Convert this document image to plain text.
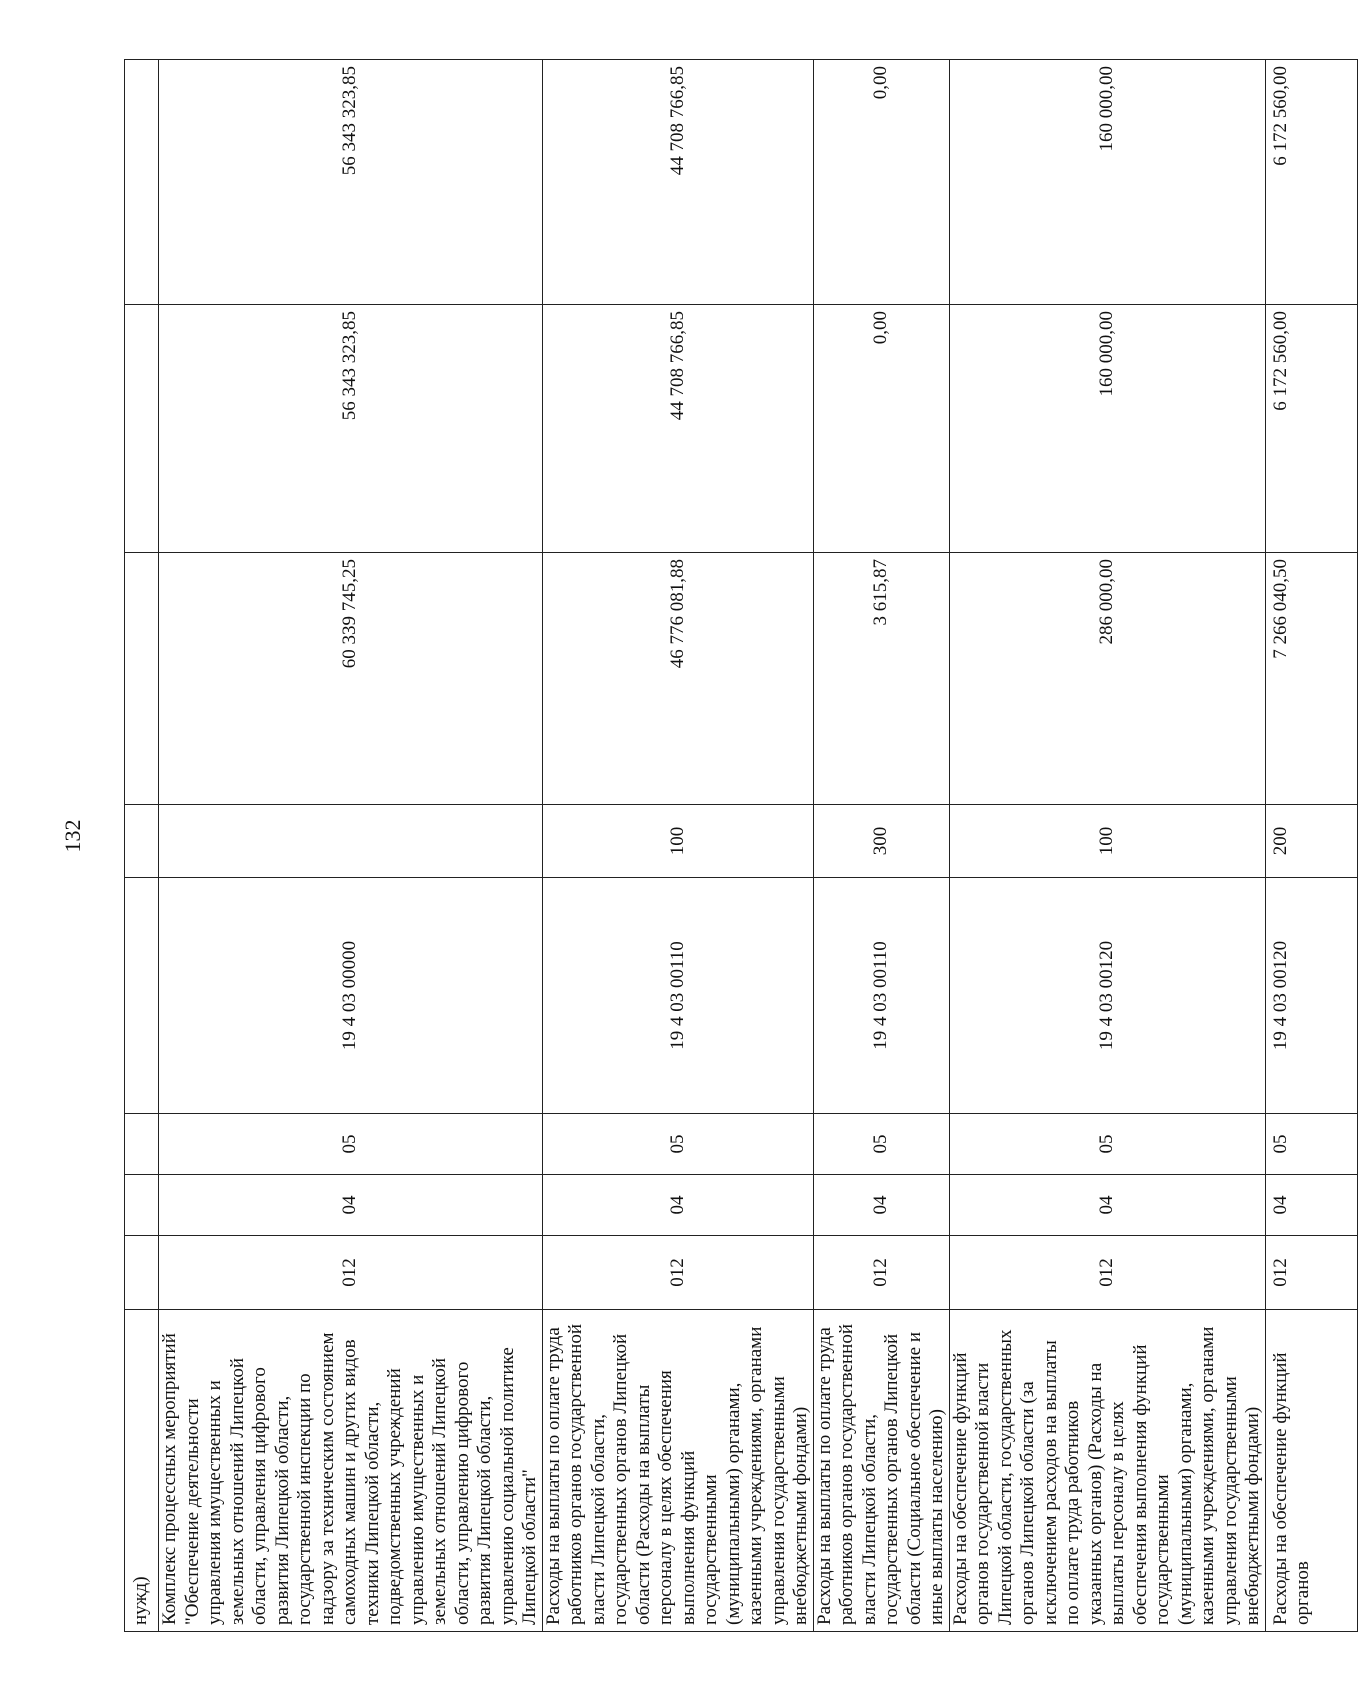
132
нужд)								
Комплекс процессных мероприятий "Обеспечение деятельности управления имущественных и земельных отношений Липецкой области, управления цифрового развития Липецкой области, государственной инспекции по надзору за техническим состоянием самоходных машин и других видов техники Липецкой области, подведомственных учреждений управлению имущественных и земельных отношений Липецкой области, управлению цифрового развития Липецкой области, управлению социальной политике Липецкой области"	012	04	05	19 4 03 00000		60 339 745,25	56 343 323,85	56 343 323,85
Расходы на выплаты по оплате труда работников органов государственной власти Липецкой области, государственных органов Липецкой области (Расходы на выплаты персоналу в целях обеспечения выполнения функций государственными (муниципальными) органами, казенными учреждениями, органами управления государственными внебюджетными фондами)	012	04	05	19 4 03 00110	100	46 776 081,88	44 708 766,85	44 708 766,85
Расходы на выплаты по оплате труда работников органов государственной власти Липецкой области, государственных органов Липецкой области (Социальное обеспечение и иные выплаты населению)	012	04	05	19 4 03 00110	300	3 615,87	0,00	0,00
Расходы на обеспечение функций органов государственной власти Липецкой области, государственных органов Липецкой области (за исключением расходов на выплаты по оплате труда работников указанных органов) (Расходы на выплаты персоналу в целях обеспечения выполнения функций государственными (муниципальными) органами, казенными учреждениями, органами управления государственными внебюджетными фондами)	012	04	05	19 4 03 00120	100	286 000,00	160 000,00	160 000,00
Расходы на обеспечение функций органов	012	04	05	19 4 03 00120	200	7 266 040,50	6 172 560,00	6 172 560,00
